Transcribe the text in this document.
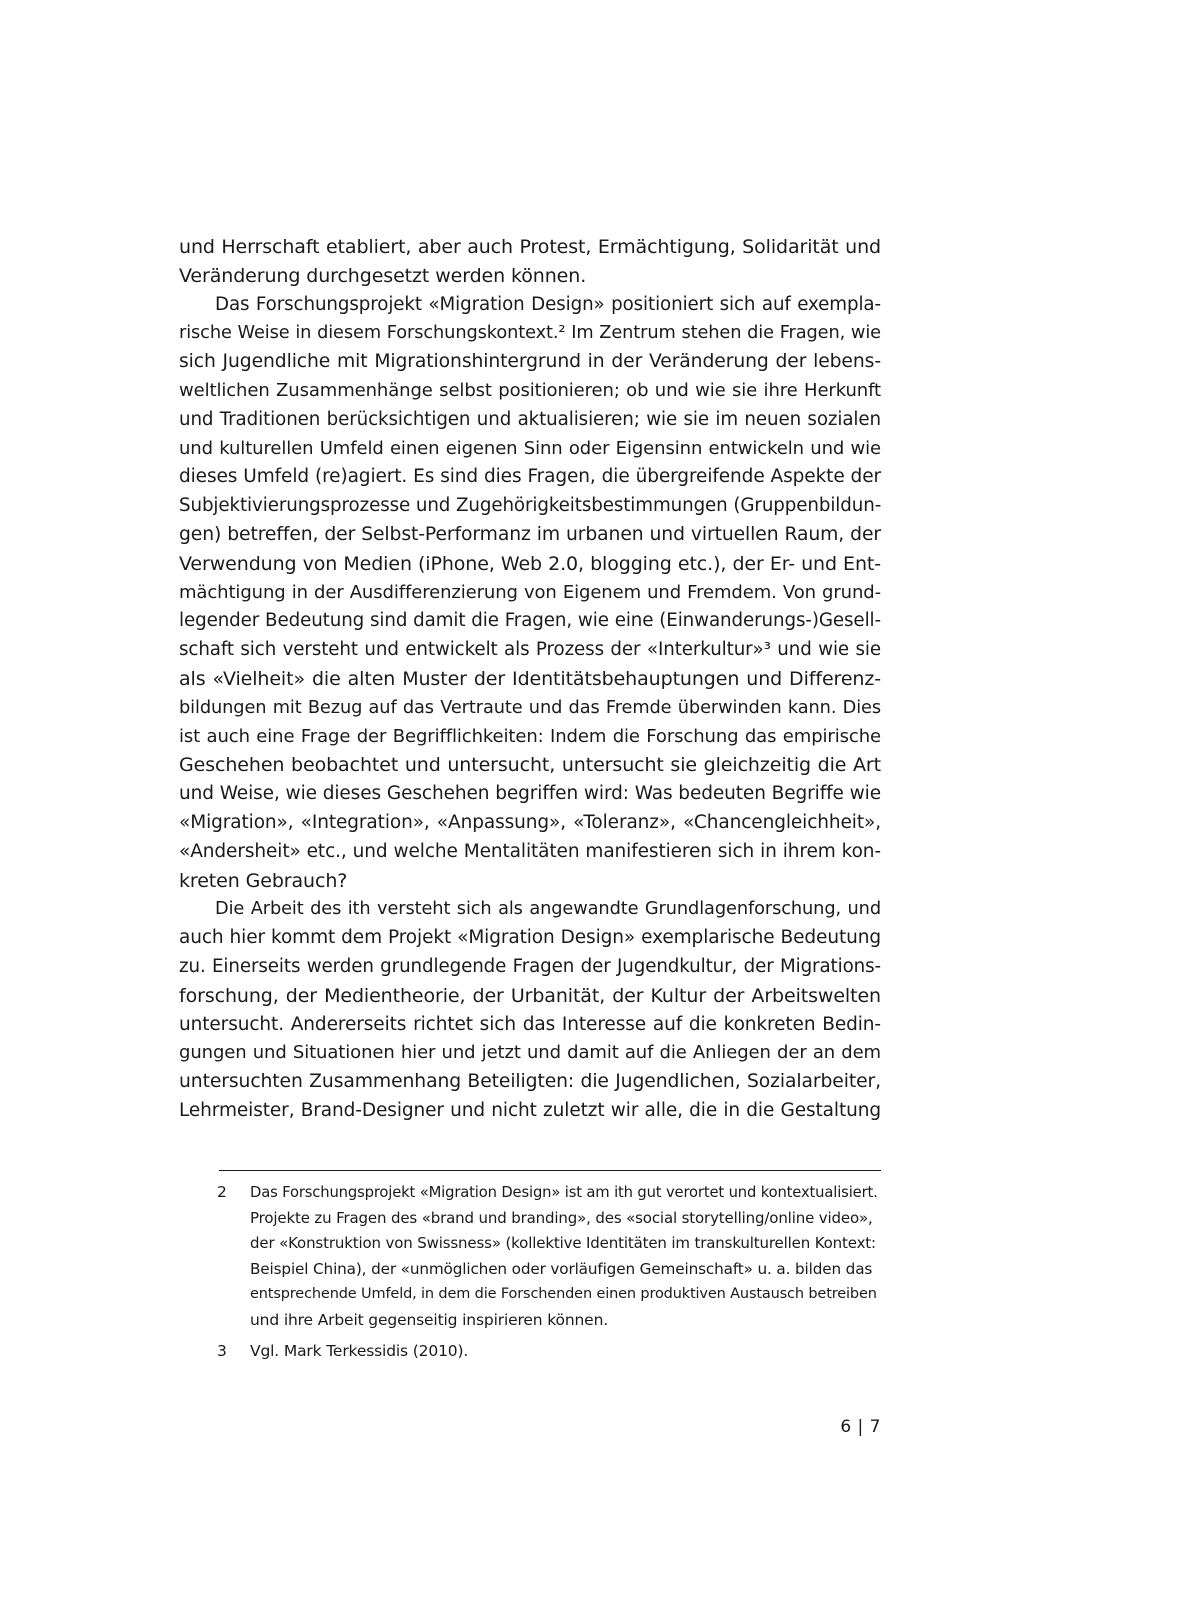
und Herrschaft etabliert, aber auch Protest, Ermächtigung, Solidarität und
Veränderung durchgesetzt werden können.
Das Forschungsprojekt «Migration Design» positioniert sich auf exempla-
rische Weise in diesem Forschungskontext.² Im Zentrum stehen die Fragen, wie
sich Jugendliche mit Migrationshintergrund in der Veränderung der lebens-
weltlichen Zusammenhänge selbst positionieren; ob und wie sie ihre Herkunft
und Traditionen berücksichtigen und aktualisieren; wie sie im neuen sozialen
und kulturellen Umfeld einen eigenen Sinn oder Eigensinn entwickeln und wie
dieses Umfeld (re)agiert. Es sind dies Fragen, die übergreifende Aspekte der
Subjektivierungsprozesse und Zugehörigkeitsbestimmungen (Gruppenbildun-
gen) betreffen, der Selbst-Performanz im urbanen und virtuellen Raum, der
Verwendung von Medien (iPhone, Web 2.0, blogging etc.), der Er- und Ent-
mächtigung in der Ausdifferenzierung von Eigenem und Fremdem. Von grund-
legender Bedeutung sind damit die Fragen, wie eine (Einwanderungs-)Gesell-
schaft sich versteht und entwickelt als Prozess der «Interkultur»³ und wie sie
als «Vielheit» die alten Muster der Identitätsbehauptungen und Differenz-
bildungen mit Bezug auf das Vertraute und das Fremde überwinden kann. Dies
ist auch eine Frage der Begrifflichkeiten: Indem die Forschung das empirische
Geschehen beobachtet und untersucht, untersucht sie gleichzeitig die Art
und Weise, wie dieses Geschehen begriffen wird: Was bedeuten Begriffe wie
«Migration», «Integration», «Anpassung», «Toleranz», «Chancengleichheit»,
«Andersheit» etc., und welche Mentalitäten manifestieren sich in ihrem kon-
kreten Gebrauch?
Die Arbeit des ith versteht sich als angewandte Grundlagenforschung, und
auch hier kommt dem Projekt «Migration Design» exemplarische Bedeutung
zu. Einerseits werden grundlegende Fragen der Jugendkultur, der Migrations-
forschung, der Medientheorie, der Urbanität, der Kultur der Arbeitswelten
untersucht. Andererseits richtet sich das Interesse auf die konkreten Bedin-
gungen und Situationen hier und jetzt und damit auf die Anliegen der an dem
untersuchten Zusammenhang Beteiligten: die Jugendlichen, Sozialarbeiter,
Lehrmeister, Brand-Designer und nicht zuletzt wir alle, die in die Gestaltung
2 Das Forschungsprojekt «Migration Design» ist am ith gut verortet und kontextualisiert.
Projekte zu Fragen des «brand und branding», des «social storytelling/online video»,
der «Konstruktion von Swissness» (kollektive Identitäten im transkulturellen Kontext:
Beispiel China), der «unmöglichen oder vorläufigen Gemeinschaft» u. a. bilden das
entsprechende Umfeld, in dem die Forschenden einen produktiven Austausch betreiben
und ihre Arbeit gegenseitig inspirieren können.
3 Vgl. Mark Terkessidis (2010).
6 | 7
